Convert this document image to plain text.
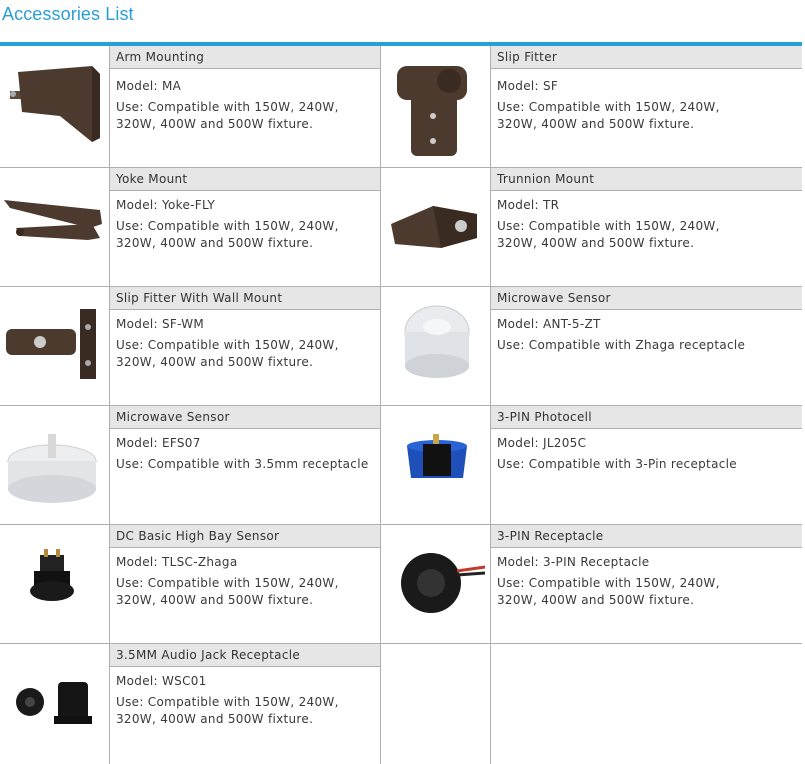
Accessories List
Arm Mounting
Model: MA
Use: Compatible with 150W, 240W,
320W, 400W and 500W fixture.
Slip Fitter
Model: SF
Use: Compatible with 150W, 240W,
320W, 400W and 500W fixture.
Yoke Mount
Model: Yoke-FLY
Use: Compatible with 150W, 240W,
320W, 400W and 500W fixture.
Trunnion Mount
Model: TR
Use: Compatible with 150W, 240W,
320W, 400W and 500W fixture.
Slip Fitter With Wall Mount
Model: SF-WM
Use: Compatible with 150W, 240W,
320W, 400W and 500W fixture.
Microwave Sensor
Model: ANT-5-ZT
Use: Compatible with Zhaga receptacle
Microwave Sensor
Model: EFS07
Use: Compatible with 3.5mm receptacle
3-PIN Photocell
Model: JL205C
Use: Compatible with 3-Pin receptacle
DC Basic High Bay Sensor
Model: TLSC-Zhaga
Use: Compatible with 150W, 240W,
320W, 400W and 500W fixture.
3-PIN Receptacle
Model: 3-PIN Receptacle
Use: Compatible with 150W, 240W,
320W, 400W and 500W fixture.
3.5MM Audio Jack Receptacle
Model: WSC01
Use: Compatible with 150W, 240W,
320W, 400W and 500W fixture.
